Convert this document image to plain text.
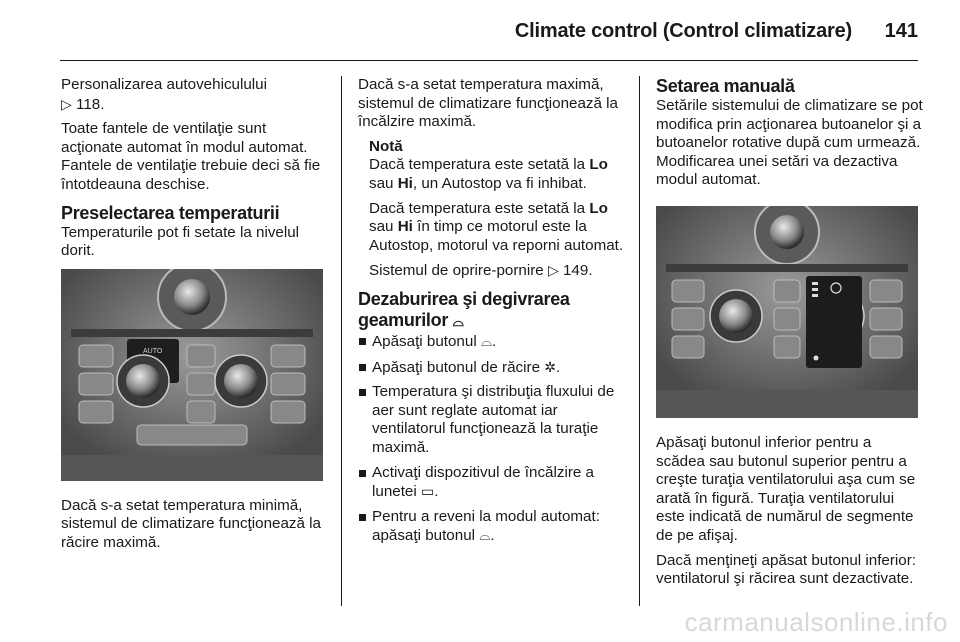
Climate control (Control climatizare) 141

Personalizarea autovehiculului
▷ 118.

Toate fantele de ventilaţie sunt acţionate automat în modul automat. Fantele de ventilaţie trebuie deci să fie întotdeauna deschise.

Preselectarea temperaturii

Temperaturile pot fi setate la nivelul dorit.

AUTO

Dacă s-a setat temperatura minimă, sistemul de climatizare funcţionează la răcire maximă.

Dacă s-a setat temperatura maximă, sistemul de climatizare funcţionează la încălzire maximă.

Notă

Dacă temperatura este setată la Lo
sau Hi, un Autostop va fi inhibat.

Dacă temperatura este setată la Lo
sau Hi în timp ce motorul este la Autostop, motorul va reporni automat.

Sistemul de oprire-pornire ▷ 149.

Dezaburirea şi degivrarea geamurilor ⌓
Apăsaţi butonul ⌓.
Apăsaţi butonul de răcire ✲.
Temperatura şi distribuţia fluxului de aer sunt reglate automat iar ventilatorul funcţionează la turaţie maximă.
Activaţi dispozitivul de încălzire a lunetei ▭.
Pentru a reveni la modul automat: apăsaţi butonul ⌓.
Setarea manuală

Setările sistemului de climatizare se pot modifica prin acţionarea butoanelor şi a butoanelor rotative după cum urmează. Modificarea unei setări va dezactiva modul automat.

Apăsaţi butonul inferior pentru a scădea sau butonul superior pentru a creşte turaţia ventilatorului aşa cum se arată în figură. Turaţia ventilatorului este indicată de numărul de segmente de pe afişaj.

Dacă menţineţi apăsat butonul inferior: ventilatorul şi răcirea sunt dezactivate.

carmanualsonline.info
